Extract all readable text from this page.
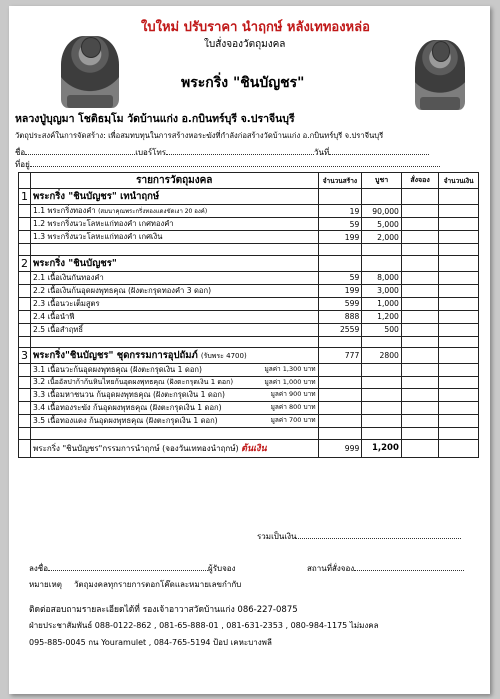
ใบใหม่ ปรับราคา นำฤกษ์ หลังเททองหล่อ
ใบสั่งจองวัตถุมงคล
พระกริ่ง "ชินบัญชร"
หลวงปู่บุญมา โชติธมฺโม วัดบ้านแก่ง อ.กบินทร์บุรี จ.ปราจีนบุรี
วัตถุประสงค์ในการจัดสร้าง: เพื่อสมทบทุนในการสร้างหอระฆังที่กำลังก่อสร้างวัดบ้านแก่ง อ.กบินทร์บุรี จ.ปราจีนบุรี
ชื่อ	เบอร์โทร	วันที่
ที่อยู่
	รายการวัตถุมงคล	จำนวนสร้าง	บูชา	สั่งจอง	จำนวนเงิน
1	พระกริ่ง "ชินบัญชร" เทนำฤกษ์				
	1.1 พระกริ่งทองคำ (สมนาคุณพระกริ่งทองแดงขัดเงา 20 องค์)	19	90,000		
	1.2 พระกริ่งนวะโลหะแก่ทองคำ เกศทองคำ	59	5,000		
	1.3 พระกริ่งนวะโลหะแก่ทองคำ เกศเงิน	199	2,000		

2	พระกริ่ง "ชินบัญชร"				
	2.1 เนื้อเงินกันทองคำ	59	8,000		
	2.2 เนื้อเงินก้นอุดผงพุทธคุณ (ฝังตะกรุดทองคำ 3 ดอก)	199	3,000		
	2.3 เนื้อนวะเต็มสูตร	599	1,000		
	2.4 เนื้อนำฟี	888	1,200		
	2.5 เนื้อสำฤทธิ์	2559	500		

3	พระกริ่ง"ชินบัญชร" ชุดกรรมการอุปถัมภ์ (รับพระ 4700)	777	2800		
	3.1 เนื้อนวะก้นอุดผงพุทธคุณ (ฝังตะกรุดเงิน 1 ดอก) มูลค่า 1,300 บาท				

	3.2 เนื้ออัลปาก้าก้นหินไทยก้นอุดผงพุทธคุณ (ฝังตะกรุดเงิน 1 ดอก) มูลค่า 1,000 บาท				

	3.3 เนื้อมหาชนวน ก้นอุดผงพุทธคุณ (ฝังตะกรุดเงิน 1 ดอก) มูลค่า 900 บาท				

	3.4 เนื้อทองระฆัง ก้นอุดผงพุทธคุณ (ฝังตะกรุดเงิน 1 ดอก) มูลค่า 800 บาท				

	3.5 เนื้อทองแดง ก้นอุดผงพุทธคุณ (ฝังตะกรุดเงิน 1 ดอก) มูลค่า 700 บาท				

	พระกริ่ง "ชินบัญชร"กรรมการนำฤกษ์ (จองวันเททองนำฤกษ์) ต้นเงิน	999	1,200		
รวมเป็นเงิน
ลงชื่อ	ผู้รับจอง	สถานที่สั่งจอง
หมายเหตุ วัตถุมงคลทุกรายการตอกโค๊ดและหมายเลขกำกับ
ติดต่อสอบถามรายละเอียดได้ที่ รองเจ้าอาวาสวัดบ้านแก่ง 086-227-0875
ฝ่ายประชาสัมพันธ์ 088-0122-862 , 081-65-888-01 , 081-631-2353 , 080-984-1175 ไม่มงคล
095-885-0045 กน Youramulet , 084-765-5194 ป้อป เคหะบางพลี
